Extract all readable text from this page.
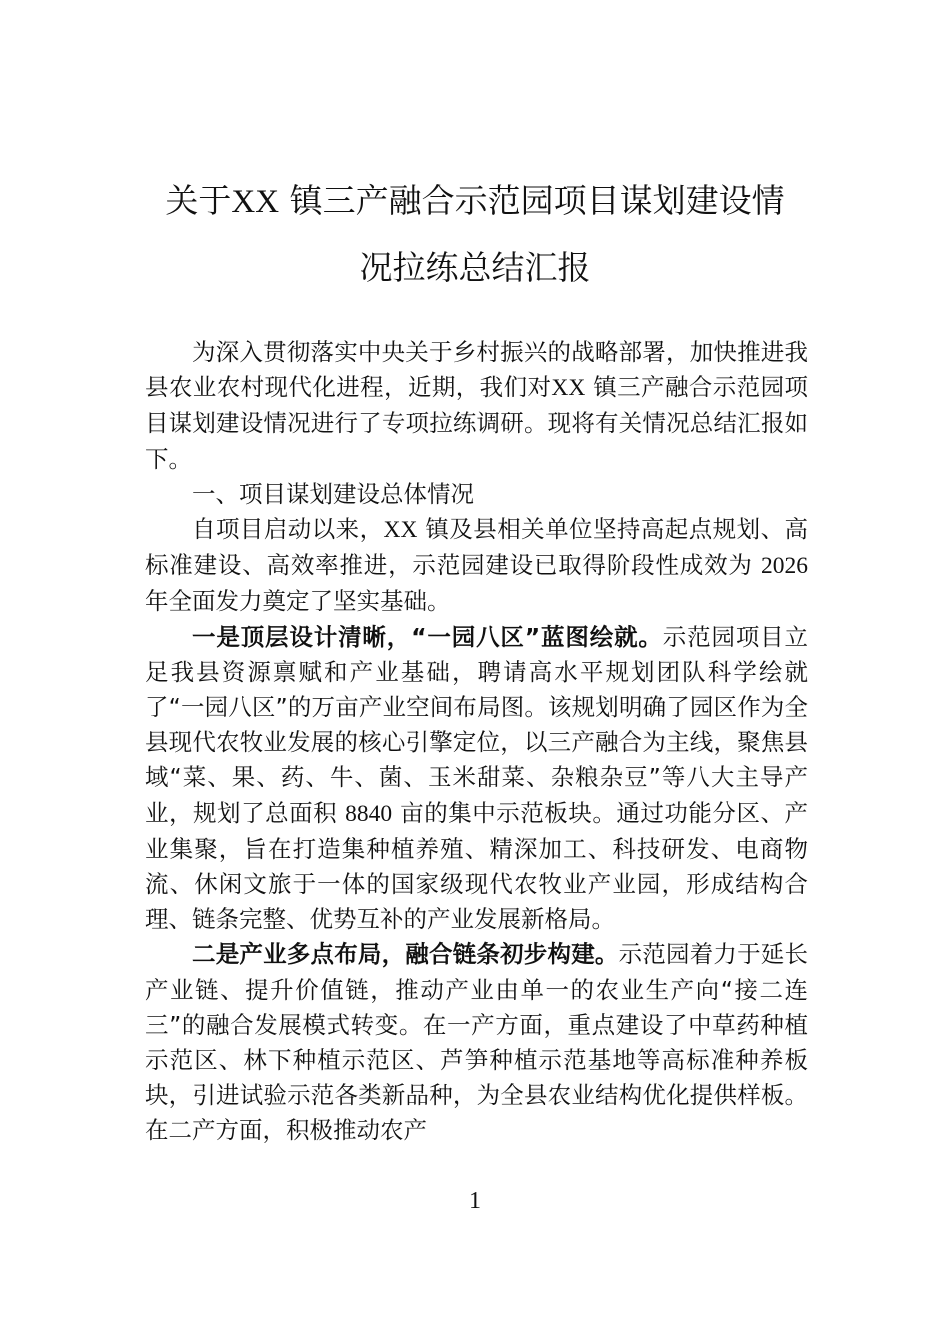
关于XX 镇三产融合示范园项目谋划建设情
况拉练总结汇报

为深入贯彻落实中央关于乡村振兴的战略部署，加快推进我县农业农村现代化进程，近期，我们对XX 镇三产融合示范园项目谋划建设情况进行了专项拉练调研。现将有关情况总结汇报如下。

一、项目谋划建设总体情况

自项目启动以来，XX 镇及县相关单位坚持高起点规划、高标准建设、高效率推进，示范园建设已取得阶段性成效为 2026 年全面发力奠定了坚实基础。

一是顶层设计清晰，“一园八区”蓝图绘就。示范园项目立足我县资源禀赋和产业基础，聘请高水平规划团队科学绘就了“一园八区”的万亩产业空间布局图。该规划明确了园区作为全县现代农牧业发展的核心引擎定位，以三产融合为主线，聚焦县域“菜、果、药、牛、菌、玉米甜菜、杂粮杂豆”等八大主导产业，规划了总面积 8840 亩的集中示范板块。通过功能分区、产业集聚，旨在打造集种植养殖、精深加工、科技研发、电商物流、休闲文旅于一体的国家级现代农牧业产业园，形成结构合理、链条完整、优势互补的产业发展新格局。

二是产业多点布局，融合链条初步构建。示范园着力于延长产业链、提升价值链，推动产业由单一的农业生产向“接二连三”的融合发展模式转变。在一产方面，重点建设了中草药种植示范区、林下种植示范区、芦笋种植示范基地等高标准种养板块，引进试验示范各类新品种，为全县农业结构优化提供样板。在二产方面，积极推动农产

1
